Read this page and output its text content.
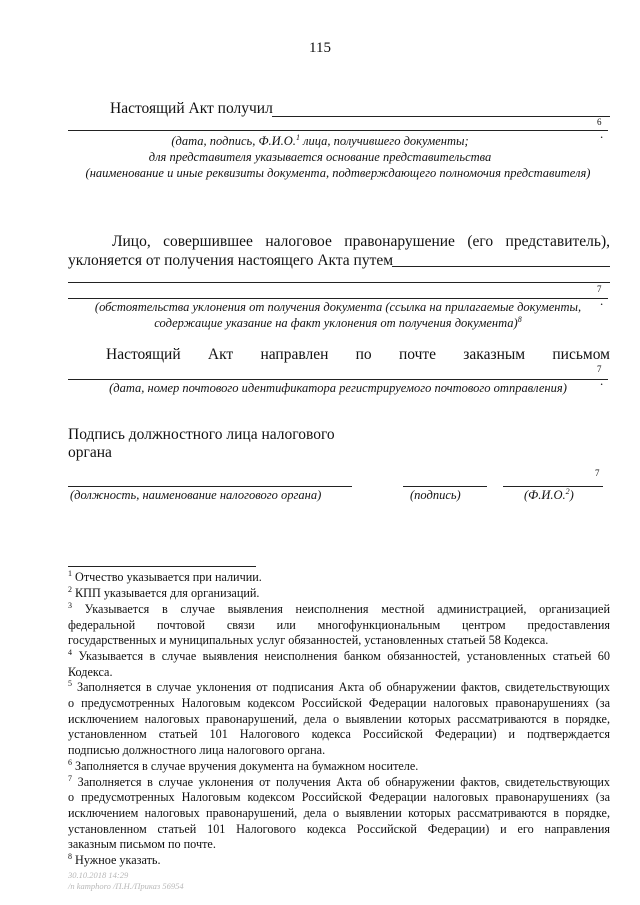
115
Настоящий Акт получил
6
.
(дата, подпись, Ф.И.О.$^1$ лица, получившего документы;
для представителя указывается основание представительства
(наименование и иные реквизиты документа, подтверждающего полномочия представителя)
Лицо, совершившее налоговое правонарушение (его представитель),
уклоняется от получения настоящего Акта путем
7
.
(обстоятельства уклонения от получения документа (ссылка на прилагаемые документы,
содержащие указание на факт уклонения от получения документа)$^8$
Настоящий Акт направлен по почте заказным письмом
7
.
(дата, номер почтового идентификатора регистрируемого почтового отправления)
Подпись должностного лица налогового
органа
7
(должность, наименование налогового органа)	(подпись)	(Ф.И.О.$^2$)
$^1$ Отчество указывается при наличии.
$^2$ КПП указывается для организаций.
$^3$ Указывается в случае выявления неисполнения местной администрацией, организацией
федеральной почтовой связи или многофункциональным центром предоставления
государственных и муниципальных услуг обязанностей, установленных статьей 58 Кодекса.
$^4$ Указывается в случае выявления неисполнения банком обязанностей, установленных статьей 60
Кодекса.
$^5$ Заполняется в случае уклонения от подписания Акта об обнаружении фактов, свидетельствующих
о предусмотренных Налоговым кодексом Российской Федерации налоговых правонарушениях (за
исключением налоговых правонарушений, дела о выявлении которых рассматриваются в порядке,
установленном статьей 101 Налогового кодекса Российской Федерации) и подтверждается
подписью должностного лица налогового органа.
$^6$ Заполняется в случае вручения документа на бумажном носителе.
$^7$ Заполняется в случае уклонения от получения Акта об обнаружении фактов, свидетельствующих
о предусмотренных Налоговым кодексом Российской Федерации налоговых правонарушениях (за
исключением налоговых правонарушений, дела о выявлении которых рассматриваются в порядке,
установленном статьей 101 Налогового кодекса Российской Федерации) и его направления
заказным письмом по почте.
$^8$ Нужное указать.
30.10.2018 14:29
/n kamphoro /П.Н./Приказ 56954
